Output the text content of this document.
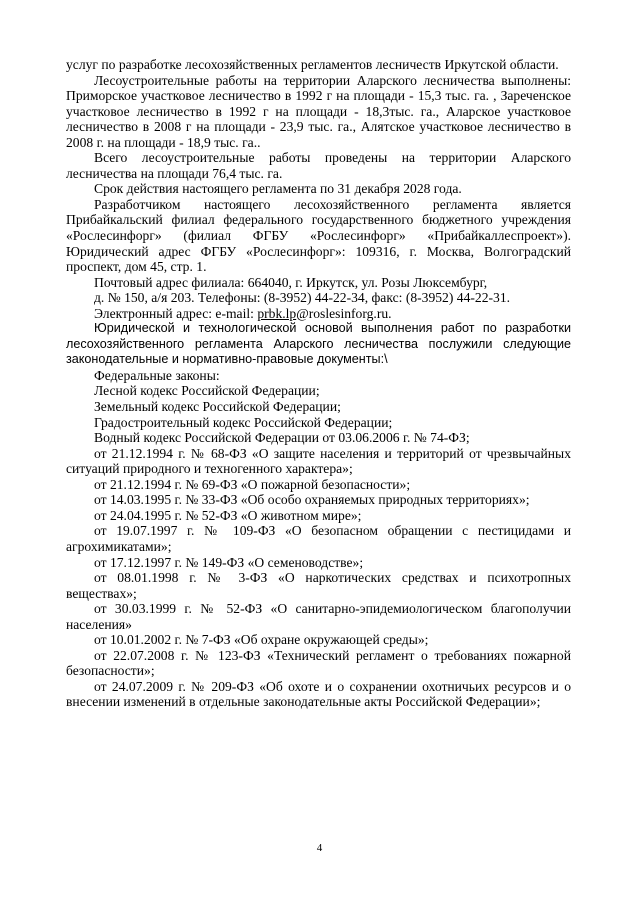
услуг по разработке лесохозяйственных регламентов лесничеств Иркутской области.

Лесоустроительные работы на территории Аларского лесничества выполнены: Приморское участковое лесничество в 1992 г на площади - 15,3 тыс. га. , Зареченское участковое лесничество в 1992 г на площади - 18,3тыс. га., Аларское участковое лесничество в 2008 г на площади - 23,9 тыс. га., Алятское участковое лесничество в 2008 г. на площади - 18,9 тыс. га..

Всего лесоустроительные работы проведены на территории Аларского лесничества на площади 76,4 тыс. га.

Срок действия настоящего регламента по 31 декабря 2028 года.

Разработчиком настоящего лесохозяйственного регламента является Прибайкальский филиал федерального государственного бюджетного учреждения «Рослесинфорг» (филиал ФГБУ «Рослесинфорг» «Прибайкаллеспроект»). Юридический адрес ФГБУ «Рослесинфорг»: 109316, г. Москва, Волгоградский проспект, дом 45, стр. 1.

Почтовый адрес филиала: 664040, г. Иркутск, ул. Розы Люксембург,

д. № 150, а/я 203. Телефоны: (8-3952) 44-22-34, факс: (8-3952) 44-22-31.

Электронный адрес: e-mail: prbk.lp@roslesinforg.ru.

Юридической и технологической основой выполнения работ по разработки лесохозяйственного регламента Аларского лесничества послужили следующие законодательные и нормативно-правовые документы:\

Федеральные законы:

Лесной кодекс Российской Федерации;

Земельный кодекс Российской Федерации;

Градостроительный кодекс Российской Федерации;

Водный кодекс Российской Федерации от 03.06.2006 г. № 74-ФЗ;

от 21.12.1994 г. № 68-ФЗ «О защите населения и территорий от чрезвычайных ситуаций природного и техногенного характера»;

от 21.12.1994 г. № 69-ФЗ «О пожарной безопасности»;

от 14.03.1995 г. № 33-ФЗ «Об особо охраняемых природных территориях»;

от 24.04.1995 г. № 52-ФЗ «О животном мире»;

от 19.07.1997 г. № 109-ФЗ «О безопасном обращении с пестицидами и агрохимикатами»;

от 17.12.1997 г. № 149-ФЗ «О семеноводстве»;

от 08.01.1998 г. № 3-ФЗ «О наркотических средствах и психотропных веществах»;

от 30.03.1999 г. № 52-ФЗ «О санитарно-эпидемиологическом благополучии населения»

от 10.01.2002 г. № 7-ФЗ «Об охране окружающей среды»;

от 22.07.2008 г. № 123-ФЗ «Технический регламент о требованиях пожарной безопасности»;

от 24.07.2009 г. № 209-ФЗ «Об охоте и о сохранении охотничьих ресурсов и о внесении изменений в отдельные законодательные акты Российской Федерации»;

4
